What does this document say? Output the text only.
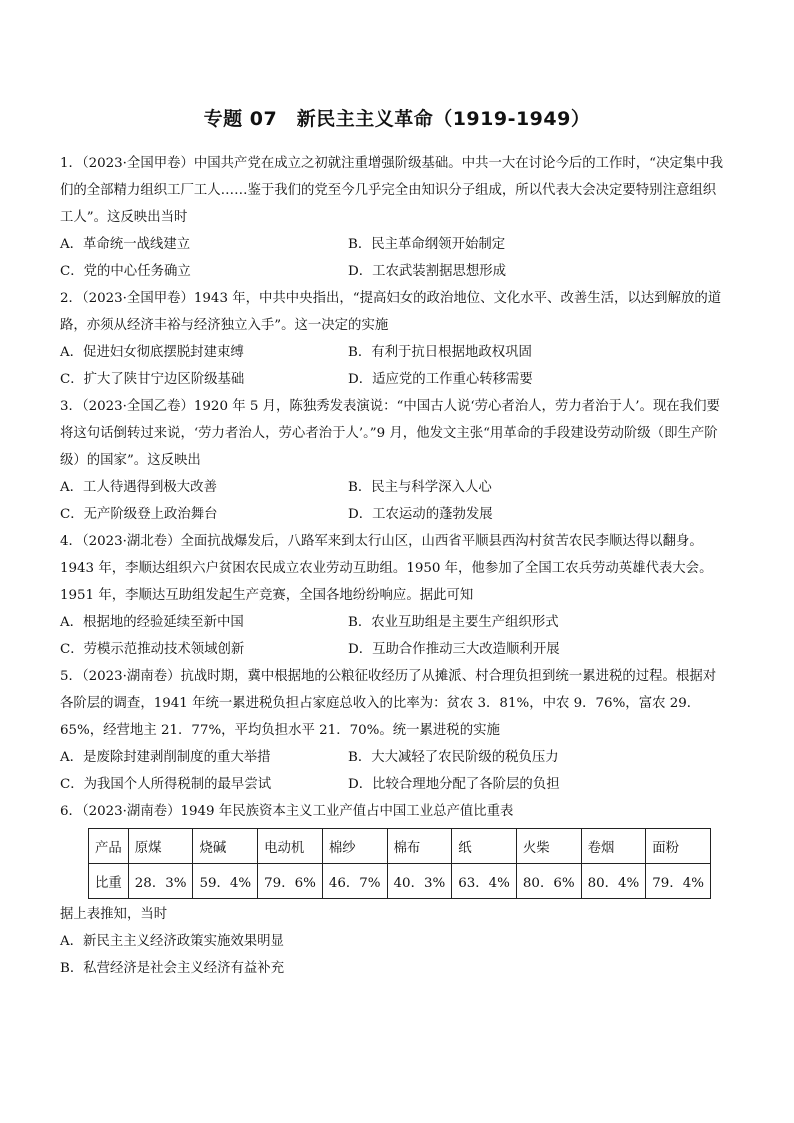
专题 07　新民主主义革命（1919-1949）
1．（2023·全国甲卷）中国共产党在成立之初就注重增强阶级基础。中共一大在讨论今后的工作时，“决定集中我们的全部精力组织工厂工人……鉴于我们的党至今几乎完全由知识分子组成，所以代表大会决定要特别注意组织工人”。这反映出当时
A．革命统一战线建立	B．民主革命纲领开始制定
C．党的中心任务确立	D．工农武装割据思想形成
2．（2023·全国甲卷）1943 年，中共中央指出，“提高妇女的政治地位、文化水平、改善生活，以达到解放的道路，亦须从经济丰裕与经济独立入手”。这一决定的实施
A．促进妇女彻底摆脱封建束缚	B．有利于抗日根据地政权巩固
C．扩大了陕甘宁边区阶级基础	D．适应党的工作重心转移需要
3．（2023·全国乙卷）1920 年 5 月，陈独秀发表演说：“中国古人说‘劳心者治人，劳力者治于人’。现在我们要将这句话倒转过来说，‘劳力者治人，劳心者治于人’。”9 月，他发文主张“用革命的手段建设劳动阶级（即生产阶级）的国家”。这反映出
A．工人待遇得到极大改善	B．民主与科学深入人心
C．无产阶级登上政治舞台	D．工农运动的蓬勃发展
4．（2023·湖北卷）全面抗战爆发后，八路军来到太行山区，山西省平顺县西沟村贫苦农民李顺达得以翻身。1943 年，李顺达组织六户贫困农民成立农业劳动互助组。1950 年，他参加了全国工农兵劳动英雄代表大会。1951 年，李顺达互助组发起生产竞赛，全国各地纷纷响应。据此可知
A．根据地的经验延续至新中国	B．农业互助组是主要生产组织形式
C．劳模示范推动技术领域创新	D．互助合作推动三大改造顺利开展
5．（2023·湖南卷）抗战时期，冀中根据地的公粮征收经历了从摊派、村合理负担到统一累进税的过程。根据对各阶层的调查，1941 年统一累进税负担占家庭总收入的比率为：贫农 3．81%，中农 9．76%，富农 29．65%，经营地主 21．77%，平均负担水平 21．70%。统一累进税的实施
A．是废除封建剥削制度的重大举措	B．大大减轻了农民阶级的税负压力
C．为我国个人所得税制的最早尝试	D．比较合理地分配了各阶层的负担
6．（2023·湖南卷）1949 年民族资本主义工业产值占中国工业总产值比重表
产品	原煤	烧碱	电动机	棉纱	棉布	纸	火柴	卷烟	面粉
比重	28．3%	59．4%	79．6%	46．7%	40．3%	63．4%	80．6%	80．4%	79．4%
据上表推知，当时
A．新民主主义经济政策实施效果明显
B．私营经济是社会主义经济有益补充
